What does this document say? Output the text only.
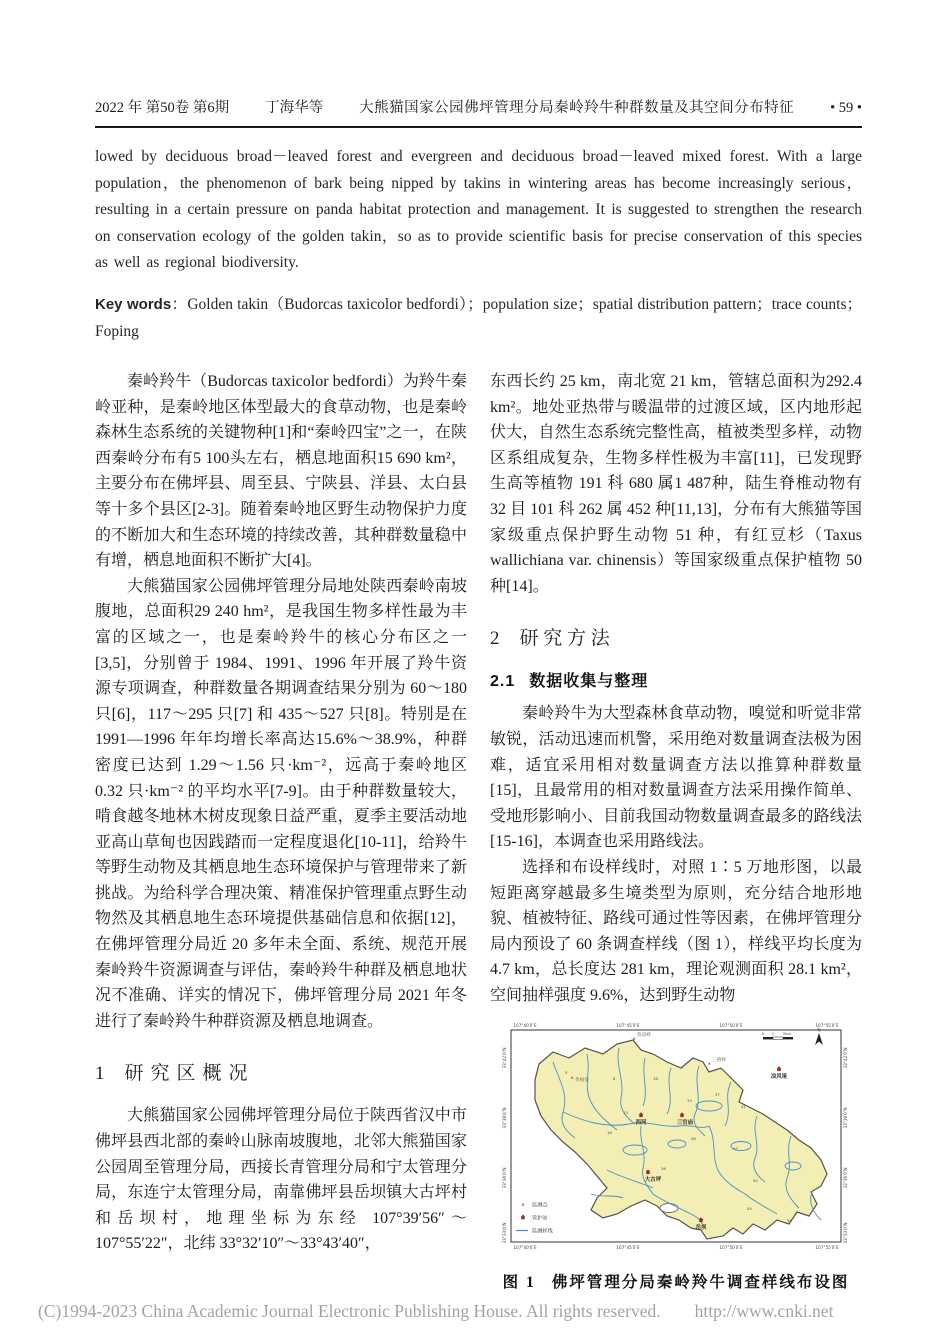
2022 年 第50卷 第6期 丁海华等 大熊猫国家公园佛坪管理分局秦岭羚牛种群数量及其空间分布特征 • 59 •

lowed by deciduous broad－leaved forest and evergreen and deciduous broad－leaved mixed forest. With a large population，the phenomenon of bark being nipped by takins in wintering areas has become increasingly serious，resulting in a certain pressure on panda habitat protection and management. It is suggested to strengthen the research on conservation ecology of the golden takin，so as to provide scientific basis for precise conservation of this species as well as regional biodiversity.

Key words：Golden takin（Budorcas taxicolor bedfordi）；population size；spatial distribution pattern；trace counts；Foping

秦岭羚牛（Budorcas taxicolor bedfordi）为羚牛秦岭亚种，是秦岭地区体型最大的食草动物，也是秦岭森林生态系统的关键物种[1]和“秦岭四宝”之一，在陕西秦岭分布有5 100头左右，栖息地面积15 690 km²，主要分布在佛坪县、周至县、宁陕县、洋县、太白县等十多个县区[2-3]。随着秦岭地区野生动物保护力度的不断加大和生态环境的持续改善，其种群数量稳中有增，栖息地面积不断扩大[4]。

大熊猫国家公园佛坪管理分局地处陕西秦岭南坡腹地，总面积29 240 hm²，是我国生物多样性最为丰富的区域之一，也是秦岭羚牛的核心分布区之一[3,5]，分别曾于 1984、1991、1996 年开展了羚牛资源专项调查，种群数量各期调查结果分别为 60～180 只[6]，117～295 只[7] 和 435～527 只[8]。特别是在 1991—1996 年年均增长率高达15.6%～38.9%，种群密度已达到 1.29～1.56 只·km⁻²，远高于秦岭地区 0.32 只·km⁻² 的平均水平[7-9]。由于种群数量较大，啃食越冬地林木树皮现象日益严重，夏季主要活动地亚高山草甸也因践踏而一定程度退化[10-11]，给羚牛等野生动物及其栖息地生态环境保护与管理带来了新挑战。为给科学合理决策、精准保护管理重点野生动物然及其栖息地生态环境提供基础信息和依据[12]，在佛坪管理分局近 20 多年未全面、系统、规范开展秦岭羚牛资源调查与评估，秦岭羚牛种群及栖息地状况不准确、详实的情况下，佛坪管理分局 2021 年冬进行了秦岭羚牛种群资源及栖息地调查。

1 研究区概况

大熊猫国家公园佛坪管理分局位于陕西省汉中市佛坪县西北部的秦岭山脉南坡腹地，北邻大熊猫国家公园周至管理分局，西接长青管理分局和宁太管理分局，东连宁太管理分局，南靠佛坪县岳坝镇大古坪村和岳坝村，地理坐标为东经 107°39′56″～107°55′22″，北纬 33°32′10″～33°43′40″，

东西长约 25 km，南北宽 21 km，管辖总面积为292.4 km²。地处亚热带与暖温带的过渡区域，区内地形起伏大，自然生态系统完整性高，植被类型多样，动物区系组成复杂，生物多样性极为丰富[11]，已发现野生高等植物 191 科 680 属1 487种，陆生脊椎动物有 32 目 101 科 262 属 452 种[11,13]，分布有大熊猫等国家级重点保护野生动物 51 种，有红豆杉（Taxus wallichiana var. chinensis）等国家级重点保护植物 50 种[14]。

2 研 究 方 法
2.1 数据收集与整理

秦岭羚牛为大型森林食草动物，嗅觉和听觉非常敏锐，活动迅速而机警，采用绝对数量调查法极为困难，适宜采用相对数量调查方法以推算种群数量[15]，且最常用的相对数量调查方法采用操作简单、受地形影响小、目前我国动物数量调查最多的路线法[15-16]，本调查也采用路线法。

选择和布设样线时，对照 1∶5 万地形图，以最短距离穿越最多生境类型为原则，充分结合地形地貌、植被特征、路线可通过性等因素，在佛坪管理分局内预设了 60 条调查样线（图 1），样线平均长度为 4.7 km，总长度达 281 km，理论观测面积 28.1 km²，空间抽样强度 9.6%，达到野生动物

107°40′0″E	107°45′0″E	107°50′0″E	107°55′0″E
107°40′0″E	107°45′0″E	107°50′0″E	107°55′0″E
33°42′0″N
33°39′0″N
33°36′0″N
33°33′0″N
33°42′0″N
33°39′0″N
33°36′0″N
33°33′0″N
5
8
13
16
18
26
28
33
37
41
47
50
54
59
西河	三官庙
大古坪
岳坝
凉风垭
鲁道峰
三趟峰
黄桶梁
0 1 2km	N
监测点
管护站
监测样线
图 1 佛坪管理分局秦岭羚牛调查样线布设图
(C)1994-2023 China Academic Journal Electronic Publishing House. All rights reserved. http://www.cnki.net
